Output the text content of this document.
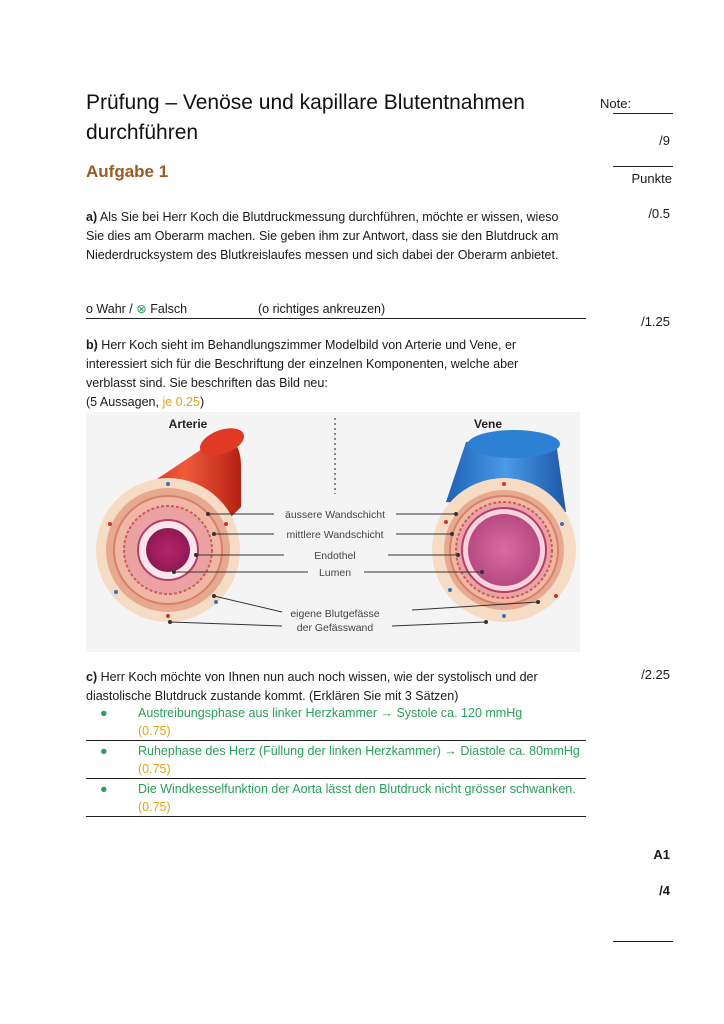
Prüfung – Venöse und kapillare Blutentnahmen durchführen
Note:
/9
Punkte
/0.5
/1.25
/2.25
A1
/4
Aufgabe 1
a) Als Sie bei Herr Koch die Blutdruckmessung durchführen, möchte er wissen, wieso Sie dies am Oberarm machen. Sie geben ihm zur Antwort, dass sie den Blutdruck am Niederdrucksystem des Blutkreislaufes messen und sich dabei der Oberarm anbietet.
o Wahr / ⊗ Falsch	(o richtiges ankreuzen)
b) Herr Koch sieht im Behandlungszimmer Modelbild von Arterie und Vene, er interessiert sich für die Beschriftung der einzelnen Komponenten, welche aber verblasst sind. Sie beschriften das Bild neu:
(5 Aussagen, je 0.25)
Arterie	Vene
äussere Wandschicht
mittlere Wandschicht
Endothel
Lumen
eigene Blutgefässe
der Gefässwand
c) Herr Koch möchte von Ihnen nun auch noch wissen, wie der systolisch und der diastolische Blutdruck zustande kommt. (Erklären Sie mit 3 Sätzen)
●	Austreibungsphase aus linker Herzkammer → Systole ca. 120 mmHg
(0.75)
●	Ruhephase des Herz (Füllung der linken Herzkammer) → Diastole ca. 80mmHg (0.75)
●	Die Windkesselfunktion der Aorta lässt den Blutdruck nicht grösser schwanken. (0.75)
